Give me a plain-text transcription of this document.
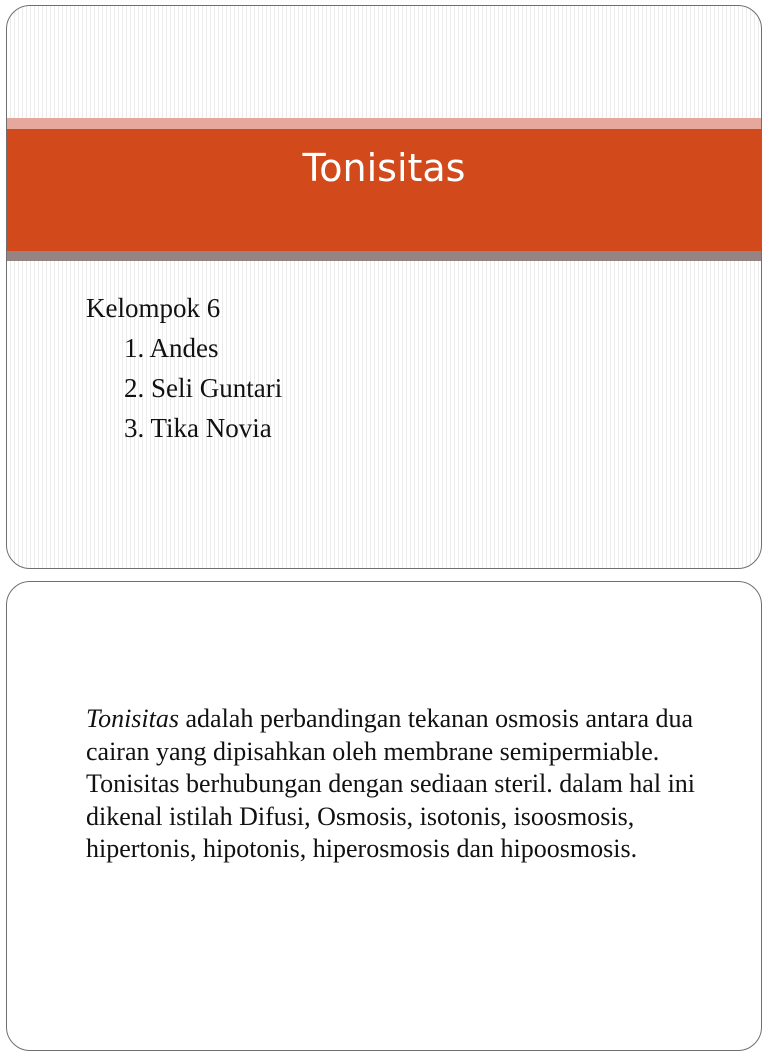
Tonisitas
Kelompok 6
1. Andes
2. Seli Guntari
3. Tika Novia

Tonisitas adalah perbandingan tekanan osmosis antara dua cairan yang dipisahkan oleh membrane semipermiable. Tonisitas berhubungan dengan sediaan steril. dalam hal ini dikenal istilah Difusi, Osmosis, isotonis, isoosmosis, hipertonis, hipotonis, hiperosmosis dan hipoosmosis.
